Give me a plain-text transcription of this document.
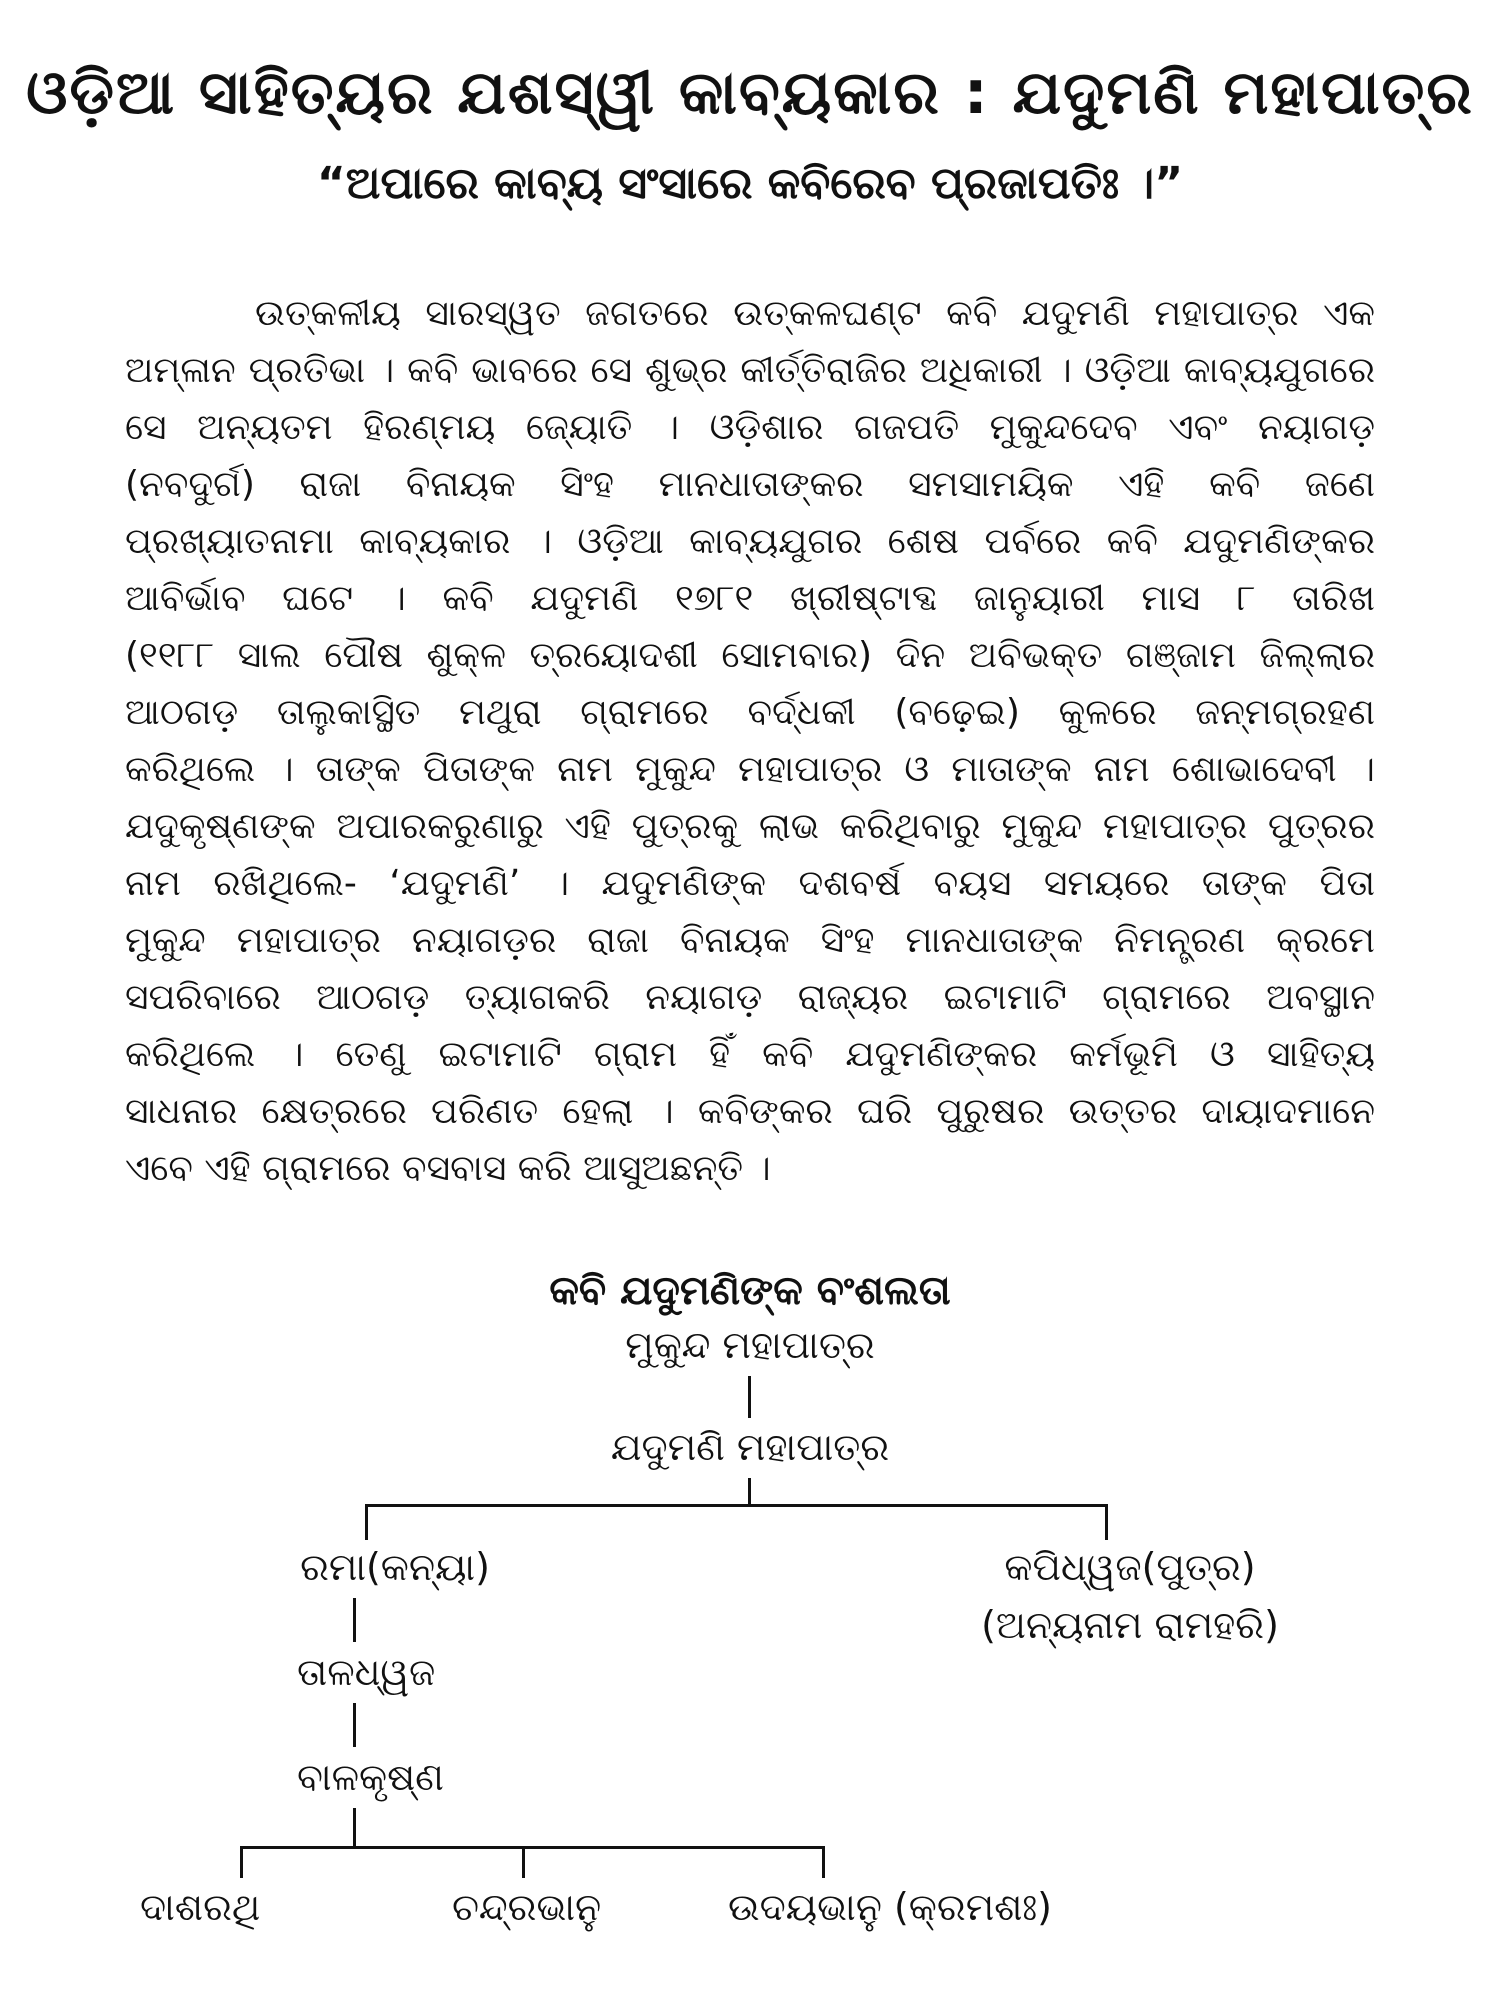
ଓଡ଼ିଆ ସାହିତ୍ୟର ଯଶସ୍ୱୀ କାବ୍ୟକାର : ଯଦୁମଣି ମହାପାତ୍ର
“ଅପାରେ କାବ୍ୟ ସଂସାରେ କବିରେବ ପ୍ରଜାପତିଃ ।”
ଉତ୍କଳୀୟ ସାରସ୍ୱତ ଜଗତରେ ଉତ୍କଳଘଣ୍ଟ କବି ଯଦୁମଣି ମହାପାତ୍ର ଏକ
ଅମ୍ଳାନ ପ୍ରତିଭା । କବି ଭାବରେ ସେ ଶୁଭ୍ର କୀର୍ତ୍ତିରାଜିର ଅଧିକାରୀ । ଓଡ଼ିଆ କାବ୍ୟଯୁଗରେ
ସେ ଅନ୍ୟତମ ହିରଣ୍ମୟ ଜ୍ୟୋତି । ଓଡ଼ିଶାର ଗଜପତି ମୁକୁନ୍ଦଦେବ ଏବଂ ନୟାଗଡ଼
(ନବଦୁର୍ଗ) ରାଜା ବିନାୟକ ସିଂହ ମାନଧାତାଙ୍କର ସମସାମୟିକ ଏହି କବି ଜଣେ
ପ୍ରଖ୍ୟାତନାମା କାବ୍ୟକାର । ଓଡ଼ିଆ କାବ୍ୟଯୁଗର ଶେଷ ପର୍ବରେ କବି ଯଦୁମଣିଙ୍କର
ଆବିର୍ଭାବ ଘଟେ । କବି ଯଦୁମଣି ୧୭୮୧ ଖ୍ରୀଷ୍ଟାବ୍ଦ ଜାନୁୟାରୀ ମାସ ୮ ତାରିଖ
(୧୧୮୮ ସାଲ ପୌଷ ଶୁକ୍ଳ ତ୍ରୟୋଦଶୀ ସୋମବାର) ଦିନ ଅବିଭକ୍ତ ଗଞ୍ଜାମ ଜିଲ୍ଲାର
ଆଠଗଡ଼ ତାଲୁକାସ୍ଥିତ ମଥୁରା ଗ୍ରାମରେ ବର୍ଦ୍ଧକୀ (ବଢ଼େଇ) କୁଳରେ ଜନ୍ମଗ୍ରହଣ
କରିଥିଲେ । ତାଙ୍କ ପିତାଙ୍କ ନାମ ମୁକୁନ୍ଦ ମହାପାତ୍ର ଓ ମାତାଙ୍କ ନାମ ଶୋଭାଦେବୀ ।
ଯଦୁକୃଷ୍ଣଙ୍କ ଅପାରକରୁଣାରୁ ଏହି ପୁତ୍ରକୁ ଲାଭ କରିଥିବାରୁ ମୁକୁନ୍ଦ ମହାପାତ୍ର ପୁତ୍ରର
ନାମ ରଖିଥିଲେ- ‘ଯଦୁମଣି’ । ଯଦୁମଣିଙ୍କ ଦଶବର୍ଷ ବୟସ ସମୟରେ ତାଙ୍କ ପିତା
ମୁକୁନ୍ଦ ମହାପାତ୍ର ନୟାଗଡ଼ର ରାଜା ବିନାୟକ ସିଂହ ମାନଧାତାଙ୍କ ନିମନ୍ତ୍ରଣ କ୍ରମେ
ସପରିବାରେ ଆଠଗଡ଼ ତ୍ୟାଗକରି ନୟାଗଡ଼ ରାଜ୍ୟର ଇଟାମାଟି ଗ୍ରାମରେ ଅବସ୍ଥାନ
କରିଥିଲେ । ତେଣୁ ଇଟାମାଟି ଗ୍ରାମ ହିଁ କବି ଯଦୁମଣିଙ୍କର କର୍ମଭୂମି ଓ ସାହିତ୍ୟ
ସାଧନାର କ୍ଷେତ୍ରରେ ପରିଣତ ହେଲା । କବିଙ୍କର ଘରି ପୁରୁଷର ଉତ୍ତର ଦାୟାଦମାନେ
ଏବେ ଏହି ଗ୍ରାମରେ ବସବାସ କରି ଆସୁଅଛନ୍ତି ।
କବି ଯଦୁମଣିଙ୍କ ବଂଶଲତା
ମୁକୁନ୍ଦ ମହାପାତ୍ର
ଯଦୁମଣି ମହାପାତ୍ର
ରମା(କନ୍ୟା)	କପିଧ୍ୱଜ(ପୁତ୍ର)
(ଅନ୍ୟନାମ ରାମହରି)
ତାଳଧ୍ୱଜ
ବାଳକୃଷ୍ଣ
ଦାଶରଥି	ଚନ୍ଦ୍ରଭାନୁ	ଉଦୟଭାନୁ (କ୍ରମଶଃ)
